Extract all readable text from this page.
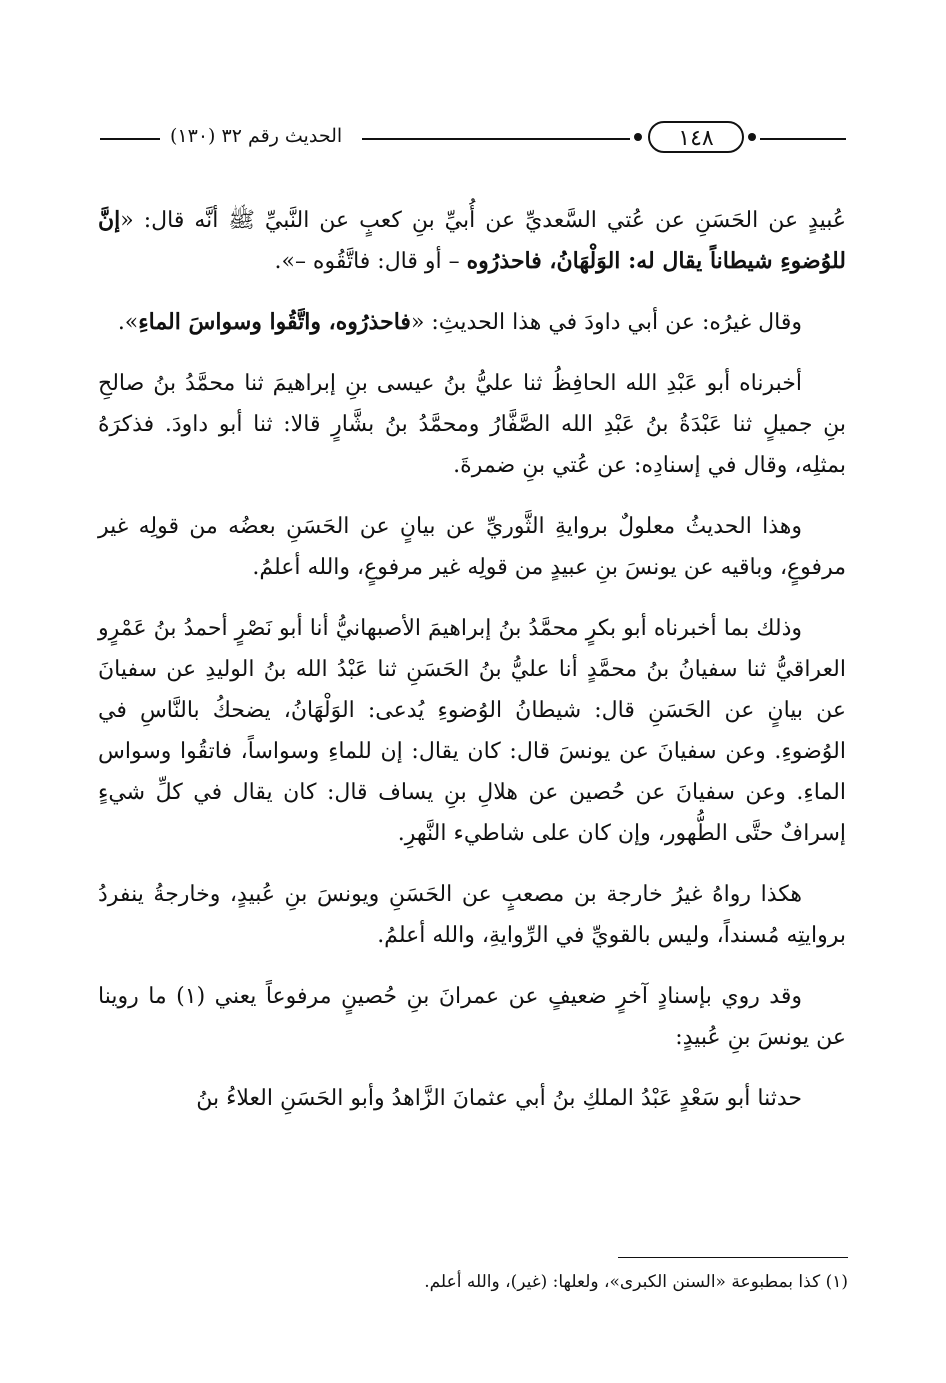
الحديث رقم ٣٢ (١٣٠)	١٤٨

عُبيدٍ عن الحَسَنِ عن عُتي السَّعديِّ عن أُبيِّ بنِ كعبٍ عن النَّبيِّ ﷺ أنَّه قال: «إنَّ للوُضوءِ شيطاناً يقال له: الوَلْهَانُ، فاحذرُوه – أو قال: فاتَّقُوه –».

وقال غيرُه: عن أبي داودَ في هذا الحديثِ: «فاحذرُوه، واتَّقُوا وسواسَ الماءِ».

أخبرناه أبو عَبْدِ الله الحافِظُ ثنا عليُّ بنُ عيسى بنِ إبراهيمَ ثنا محمَّدُ بنُ صالحِ بنِ جميلٍ ثنا عَبْدَةُ بنُ عَبْدِ الله الصَّفَّارُ ومحمَّدُ بنُ بشَّارٍ قالا: ثنا أبو داودَ. فذكرَهُ بمثلِه، وقال في إسنادِه: عن عُتي بنِ ضمرةَ.

وهذا الحديثُ معلولٌ بروايةِ الثَّوريِّ عن بيانٍ عن الحَسَنِ بعضُه من قولِه غير مرفوعٍ، وباقيه عن يونسَ بنِ عبيدٍ من قولِه غير مرفوعٍ، والله أعلمُ.

وذلك بما أخبرناه أبو بكرٍ محمَّدُ بنُ إبراهيمَ الأصبهانيُّ أنا أبو نَصْرٍ أحمدُ بنُ عَمْرٍو العراقيُّ ثنا سفيانُ بنُ محمَّدٍ أنا عليُّ بنُ الحَسَنِ ثنا عَبْدُ الله بنُ الوليدِ عن سفيانَ عن بيانٍ عن الحَسَنِ قال: شيطانُ الوُضوءِ يُدعى: الوَلْهَانُ، يضحكُ بالنَّاسِ في الوُضوءِ. وعن سفيانَ عن يونسَ قال: كان يقال: إن للماءِ وسواساً، فاتقُوا وسواس الماءِ. وعن سفيانَ عن حُصين عن هلالِ بنِ يساف قال: كان يقال في كلِّ شيءٍ إسرافٌ حتَّى الطُّهور، وإن كان على شاطيء النَّهرِ.

هكذا رواهُ غيرُ خارجة بن مصعبٍ عن الحَسَنِ ويونسَ بنِ عُبيدٍ، وخارجةُ ينفردُ بروايتِه مُسنداً، وليس بالقويِّ في الرِّوايةِ، والله أعلمُ.

وقد روي بإسنادٍ آخرٍ ضعيفٍ عن عمرانَ بنِ حُصينٍ مرفوعاً يعني (١) ما روينا عن يونسَ بنِ عُبيدٍ:

حدثنا أبو سَعْدٍ عَبْدُ الملكِ بنُ أبي عثمانَ الزَّاهدُ وأبو الحَسَنِ العلاءُ بنُ

(١) كذا بمطبوعة «السنن الكبرى»، ولعلها: (غير)، والله أعلم.
